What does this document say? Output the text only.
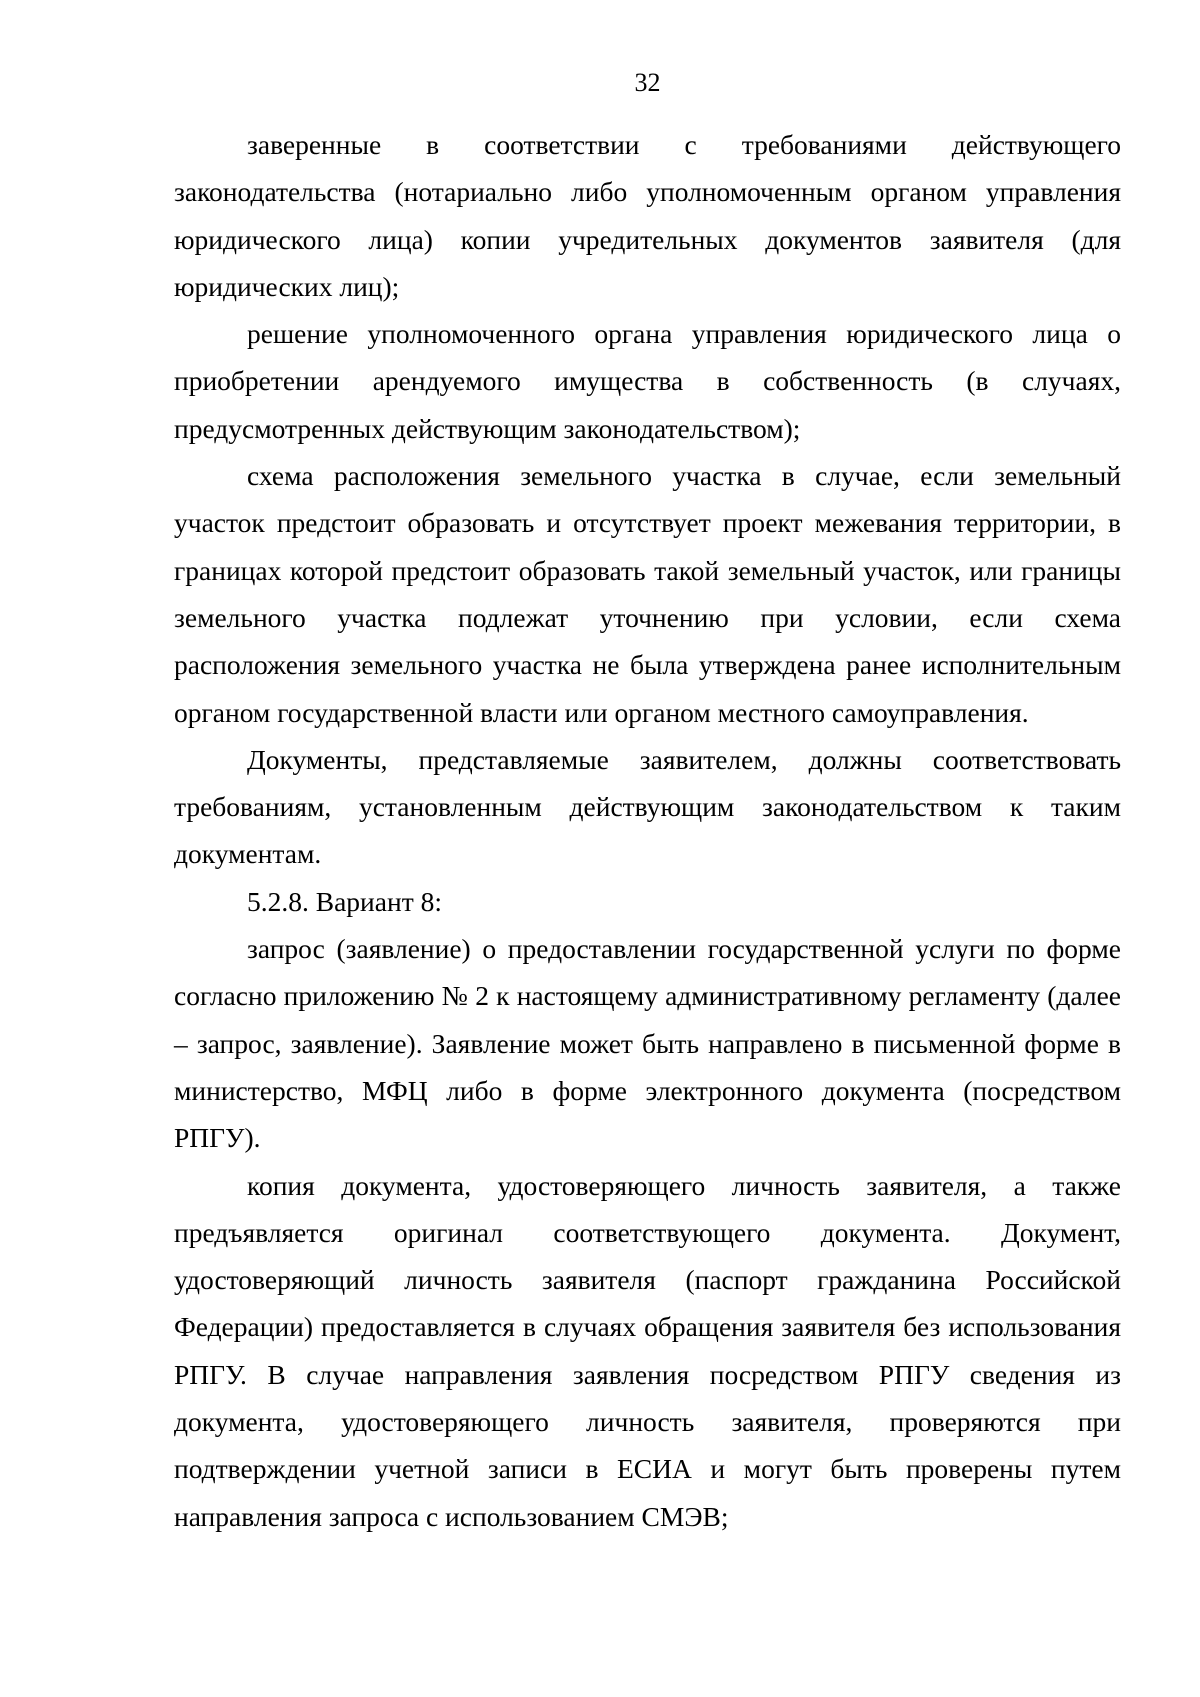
32

заверенные в соответствии с требованиями действующего законодательства (нотариально либо уполномоченным органом управления юридического лица) копии учредительных документов заявителя (для юридических лиц);

решение уполномоченного органа управления юридического лица о приобретении арендуемого имущества в собственность (в случаях, предусмотренных действующим законодательством);

схема расположения земельного участка в случае, если земельный участок предстоит образовать и отсутствует проект межевания территории, в границах которой предстоит образовать такой земельный участок, или границы земельного участка подлежат уточнению при условии, если схема расположения земельного участка не была утверждена ранее исполнительным органом государственной власти или органом местного самоуправления.

Документы, представляемые заявителем, должны соответствовать требованиям, установленным действующим законодательством к таким документам.

5.2.8. Вариант 8:

запрос (заявление) о предоставлении государственной услуги по форме согласно приложению № 2 к настоящему административному регламенту (далее – запрос, заявление). Заявление может быть направлено в письменной форме в министерство, МФЦ либо в форме электронного документа (посредством РПГУ).

копия документа, удостоверяющего личность заявителя, а также предъявляется оригинал соответствующего документа. Документ, удостоверяющий личность заявителя (паспорт гражданина Российской Федерации) предоставляется в случаях обращения заявителя без использования РПГУ. В случае направления заявления посредством РПГУ сведения из документа, удостоверяющего личность заявителя, проверяются при подтверждении учетной записи в ЕСИА и могут быть проверены путем направления запроса с использованием СМЭВ;
